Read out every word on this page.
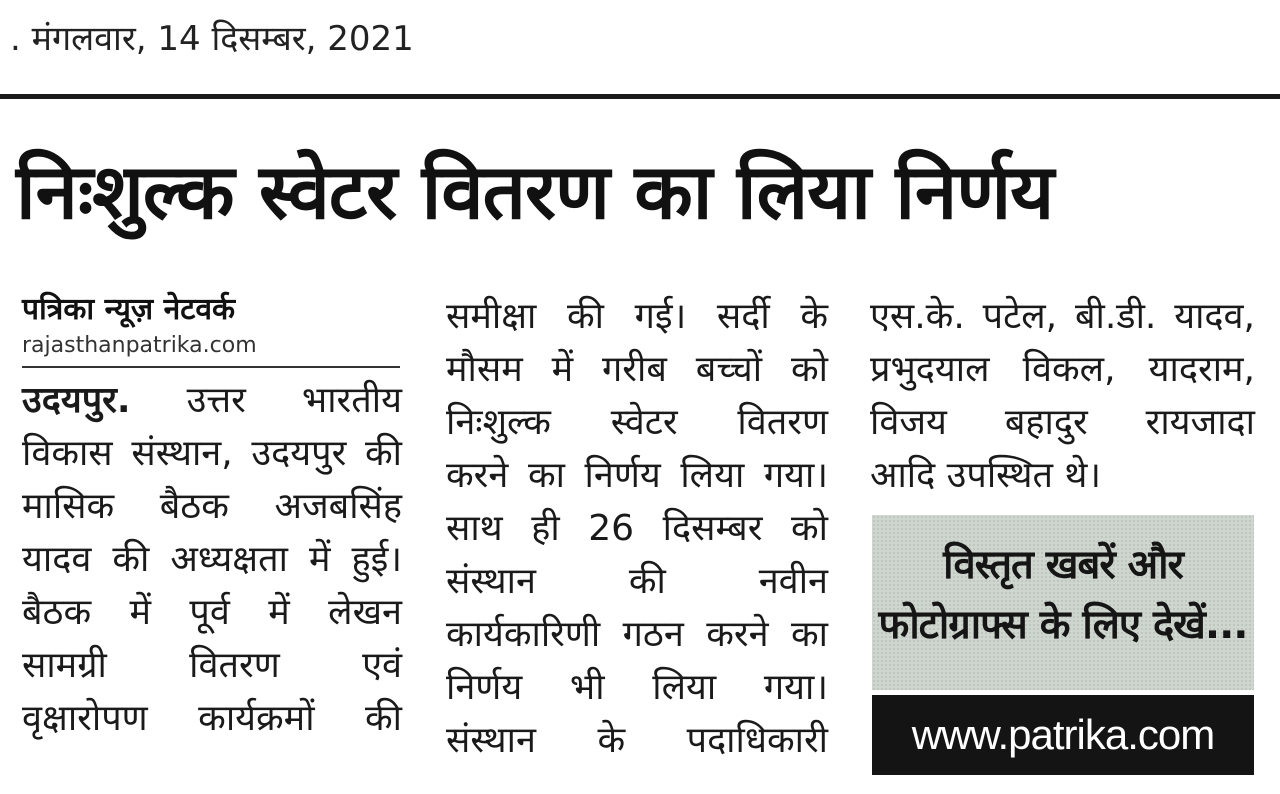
. मंगलवार, 14 दिसम्बर, 2021
निःशुल्क स्वेटर वितरण का लिया निर्णय
पत्रिका न्यूज़ नेटवर्क
rajasthanpatrika.com
उदयपुर. उत्तर भारतीय
विकास संस्थान, उदयपुर की
मासिक बैठक अजबसिंह
यादव की अध्यक्षता में हुई।
बैठक में पूर्व में लेखन
सामग्री वितरण एवं
वृक्षारोपण कार्यक्रमों की
समीक्षा की गई। सर्दी के
मौसम में गरीब बच्चों को
निःशुल्क स्वेटर वितरण
करने का निर्णय लिया गया।
साथ ही 26 दिसम्बर को
संस्थान की नवीन
कार्यकारिणी गठन करने का
निर्णय भी लिया गया।
संस्थान के पदाधिकारी
एस.के. पटेल, बी.डी. यादव,
प्रभुदयाल विकल, यादराम,
विजय बहादुर रायजादा
आदि उपस्थित थे।
विस्तृत खबरें और
फोटोग्राफ्स के लिए देखें...
www.patrika.com
